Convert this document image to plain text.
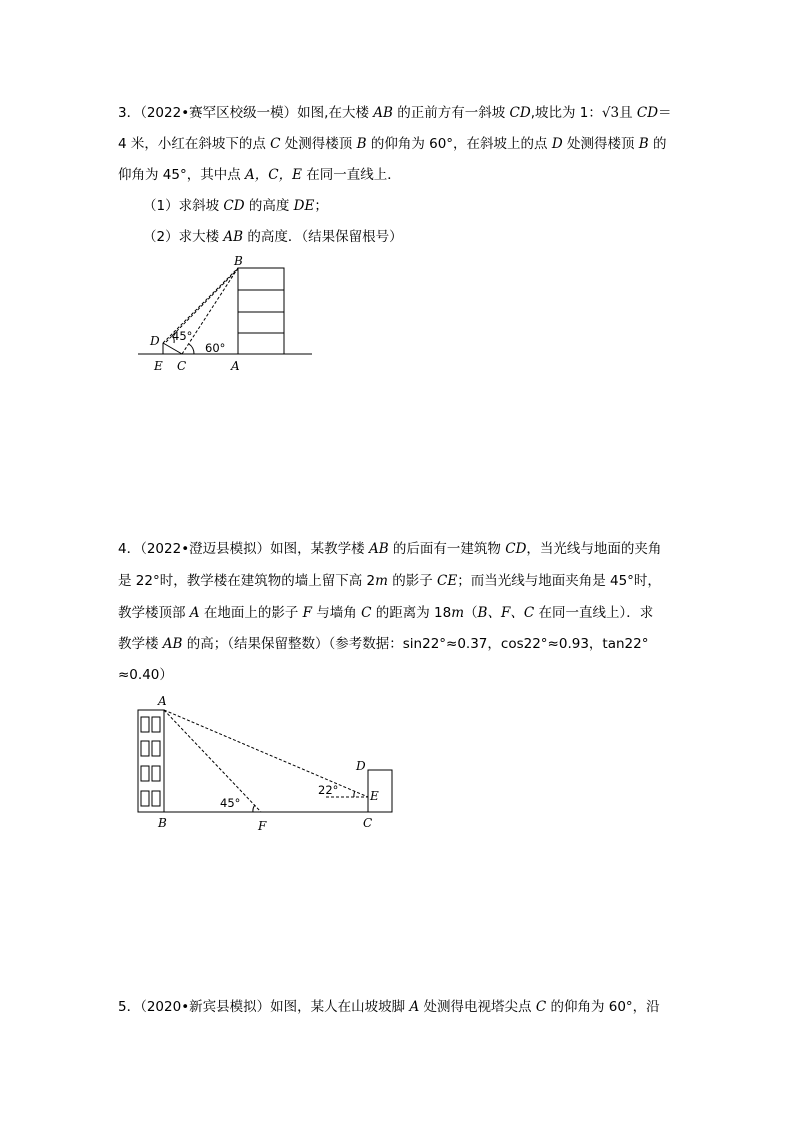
3．（2022•赛罕区校级一模）如图,在大楼 AB 的正前方有一斜坡 CD,坡比为 1：√3且 CD＝
4 米，小红在斜坡下的点 C 处测得楼顶 B 的仰角为 60°，在斜坡上的点 D 处测得楼顶 B 的
仰角为 45°，其中点 A，C，E 在同一直线上．
（1）求斜坡 CD 的高度 DE；
（2）求大楼 AB 的高度．（结果保留根号）
B
D
E C	A
45°
60°
4．（2022•澄迈县模拟）如图，某教学楼 AB 的后面有一建筑物 CD，当光线与地面的夹角
是 22°时，教学楼在建筑物的墙上留下高 2m 的影子 CE；而当光线与地面夹角是 45°时，
教学楼顶部 A 在地面上的影子 F 与墙角 C 的距离为 18m（B、F、C 在同一直线上）．求
教学楼 AB 的高；（结果保留整数）（参考数据：sin22°≈0.37，cos22°≈0.93，tan22°
≈0.40）
A
B	F	C
D
E
45°
22°
5．（2020•新宾县模拟）如图，某人在山坡坡脚 A 处测得电视塔尖点 C 的仰角为 60°，沿
